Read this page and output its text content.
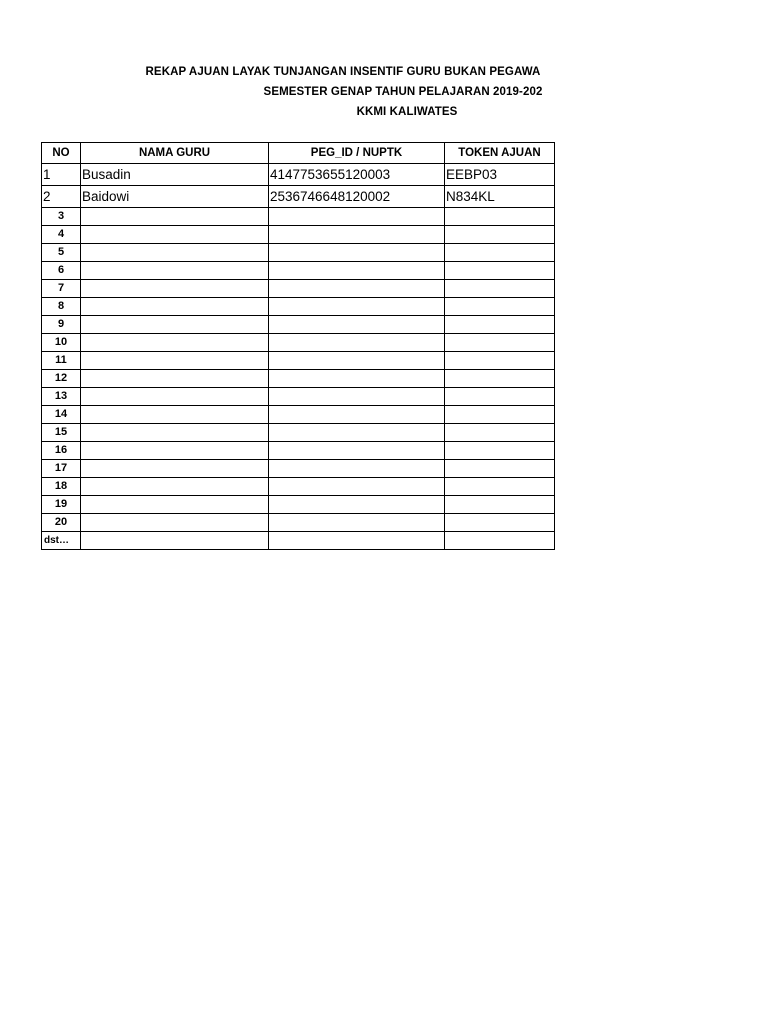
REKAP AJUAN LAYAK TUNJANGAN INSENTIF GURU BUKAN PEGAWA
SEMESTER GENAP TAHUN PELAJARAN 2019-202
KKMI KALIWATES
NO	NAMA GURU	PEG_ID / NUPTK	TOKEN AJUAN
1	Busadin	4147753655120003	EEBP03
2	Baidowi	2536746648120002	N834KL
3			
4			
5			
6			
7			
8			
9			
10			
11			
12			
13			
14			
15			
16			
17			
18			
19			
20			
dst…			
